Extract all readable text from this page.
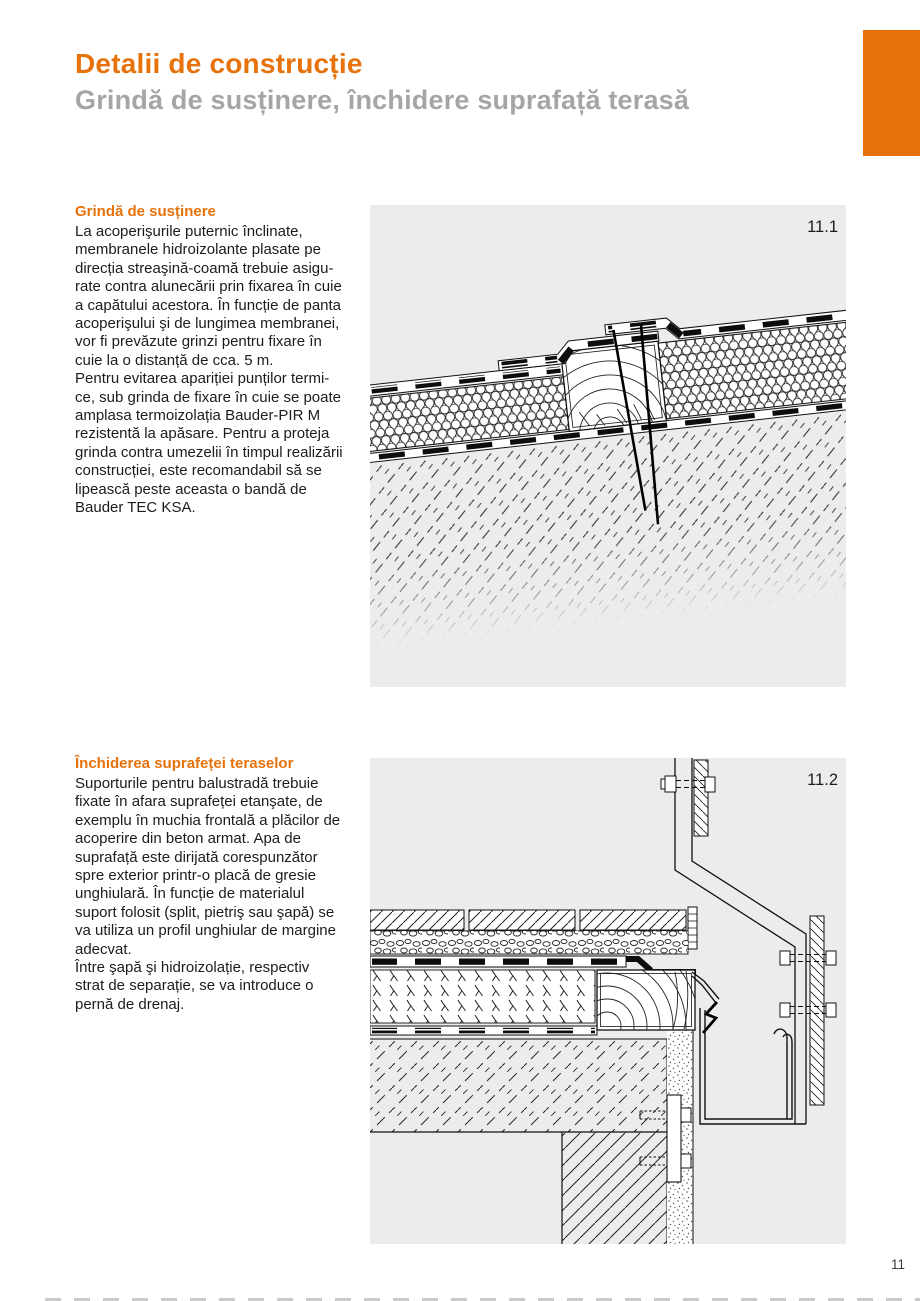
Detalii de construcție
Grindă de susținere, închidere suprafață terasă
Grindă de susținere

La acoperişurile puternic înclinate,
membranele hidroizolante plasate pe
direcția streaşină-coamă trebuie asigu-
rate contra alunecării prin fixarea în cuie
a capătului acestora. În funcție de panta
acoperişului şi de lungimea membranei,
vor fi prevăzute grinzi pentru fixare în
cuie la o distanță de cca. 5 m.
Pentru evitarea apariției punților termi-
ce, sub grinda de fixare în cuie se poate
amplasa termoizolația Bauder-PIR M
rezistentă la apăsare. Pentru a proteja
grinda contra umezelii în timpul realizării
construcției, este recomandabil să se
lipească peste aceasta o bandă de
Bauder TEC KSA.

11.1
Închiderea suprafeței teraselor

Suporturile pentru balustradă trebuie
fixate în afara suprafeței etanşate, de
exemplu în muchia frontală a plăcilor de
acoperire din beton armat. Apa de
suprafață este dirijată corespunzător
spre exterior printr-o placă de gresie
unghiulară. În funcție de materialul
suport folosit (split, pietriş sau şapă) se
va utiliza un profil unghiular de margine
adecvat.
Între şapă şi hidroizolație, respectiv
strat de separație, se va introduce o
pernă de drenaj.

11.2
11
